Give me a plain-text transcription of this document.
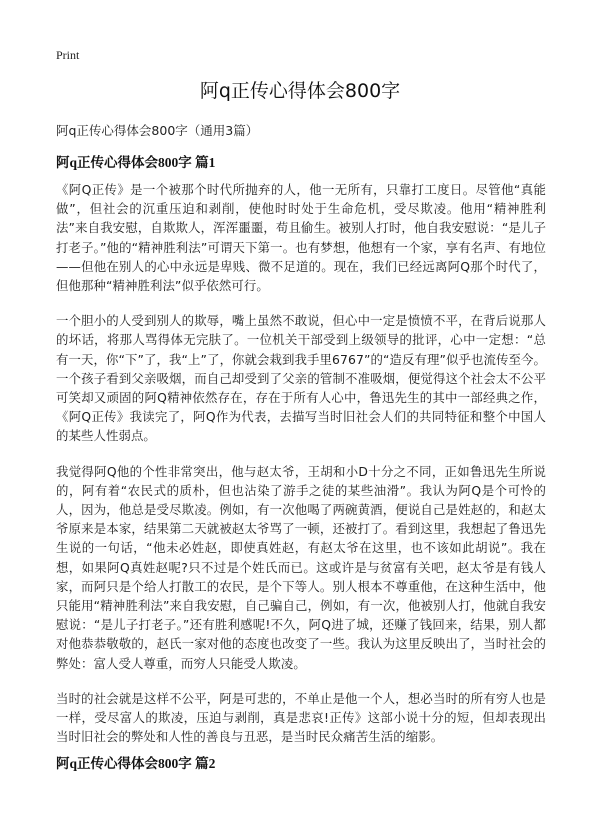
Print
阿q正传心得体会800字
阿q正传心得体会800字（通用3篇）
阿q正传心得体会800字 篇1

《阿Q正传》是一个被那个时代所抛弃的人，他一无所有，只靠打工度日。尽管他“真能做”，但社会的沉重压迫和剥削，使他时时处于生命危机，受尽欺凌。他用“精神胜利法”来自我安慰，自欺欺人，浑浑噩噩，苟且偷生。被别人打时，他自我安慰说：“是儿子打老子。”他的“精神胜利法”可谓天下第一。也有梦想，他想有一个家，享有名声、有地位——但他在别人的心中永远是卑贱、微不足道的。现在，我们已经远离阿Q那个时代了，但他那种“精神胜利法”似乎依然可行。

一个胆小的人受到别人的欺辱，嘴上虽然不敢说，但心中一定是愤愤不平，在背后说那人的坏话，将那人骂得体无完肤了。一位机关干部受到上级领导的批评，心中一定想：“总有一天，你“下”了，我“上”了，你就会栽到我手里6767”的“造反有理”似乎也流传至今。一个孩子看到父亲吸烟，而自己却受到了父亲的管制不准吸烟，便觉得这个社会太不公平可笑却又顽固的阿Q精神依然存在，存在于所有人心中，鲁迅先生的其中一部经典之作，《阿Q正传》我读完了，阿Q作为代表，去描写当时旧社会人们的共同特征和整个中国人的某些人性弱点。

我觉得阿Q他的个性非常突出，他与赵太爷，王胡和小D十分之不同，正如鲁迅先生所说的，阿有着“农民式的质朴，但也沾染了游手之徒的某些油滑”。我认为阿Q是个可怜的人，因为，他总是受尽欺凌。例如，有一次他喝了两碗黄酒，便说自己是姓赵的，和赵太爷原来是本家，结果第二天就被赵太爷骂了一顿，还被打了。看到这里，我想起了鲁迅先生说的一句话，“他未必姓赵，即使真姓赵，有赵太爷在这里，也不该如此胡说”。我在想，如果阿Q真姓赵呢?只不过是个姓氏而已。这或许是与贫富有关吧，赵太爷是有钱人家，而阿只是个给人打散工的农民，是个下等人。别人根本不尊重他，在这种生活中，他只能用“精神胜利法”来自我安慰，自己骗自己，例如，有一次，他被别人打，他就自我安慰说：“是儿子打老子。”还有胜利感呢!不久，阿Q进了城，还赚了钱回来，结果，别人都对他恭恭敬敬的，赵氏一家对他的态度也改变了一些。我认为这里反映出了，当时社会的弊处：富人受人尊重，而穷人只能受人欺凌。

当时的社会就是这样不公平，阿是可悲的，不单止是他一个人，想必当时的所有穷人也是一样，受尽富人的欺凌，压迫与剥削，真是悲哀!正传》这部小说十分的短，但却表现出当时旧社会的弊处和人性的善良与丑恶，是当时民众痛苦生活的缩影。

阿q正传心得体会800字 篇2
